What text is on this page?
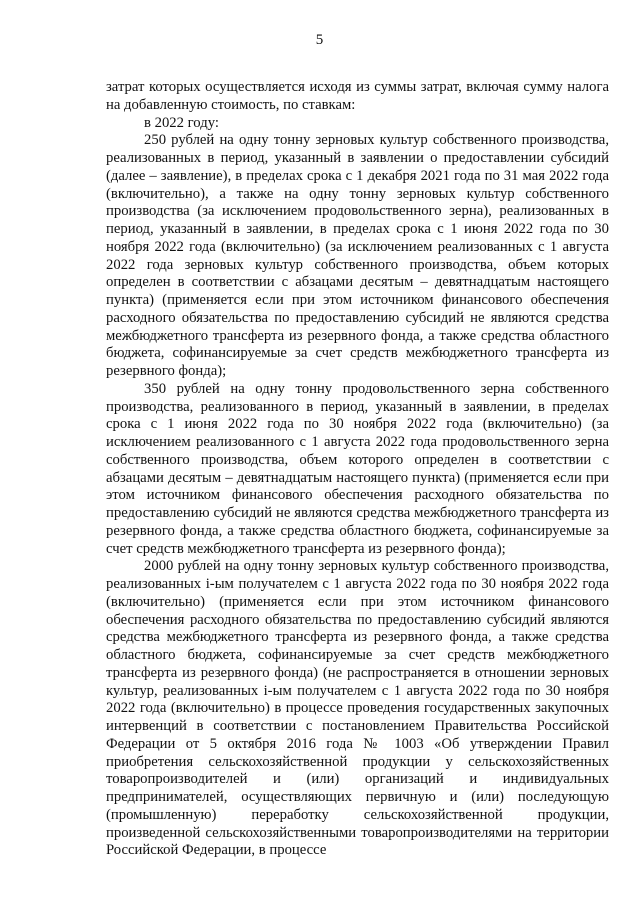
5

затрат которых осуществляется исходя из суммы затрат, включая сумму налога на добавленную стоимость, по ставкам:

в 2022 году:

250 рублей на одну тонну зерновых культур собственного производства, реализованных в период, указанный в заявлении о предоставлении субсидий (далее – заявление), в пределах срока с 1 декабря 2021 года по 31 мая 2022 года (включительно), а также на одну тонну зерновых культур собственного производства (за исключением продовольственного зерна), реализованных в период, указанный в заявлении, в пределах срока с 1 июня 2022 года по 30 ноября 2022 года (включительно) (за исключением реализованных с 1 августа 2022 года зерновых культур собственного производства, объем которых определен в соответствии с абзацами десятым – девятнадцатым настоящего пункта) (применяется если при этом источником финансового обеспечения расходного обязательства по предоставлению субсидий не являются средства межбюджетного трансферта из резервного фонда, а также средства областного бюджета, софинансируемые за счет средств межбюджетного трансферта из резервного фонда);

350 рублей на одну тонну продовольственного зерна собственного производства, реализованного в период, указанный в заявлении, в пределах срока с 1 июня 2022 года по 30 ноября 2022 года (включительно) (за исключением реализованного с 1 августа 2022 года продовольственного зерна собственного производства, объем которого определен в соответствии с абзацами десятым – девятнадцатым настоящего пункта) (применяется если при этом источником финансового обеспечения расходного обязательства по предоставлению субсидий не являются средства межбюджетного трансферта из резервного фонда, а также средства областного бюджета, софинансируемые за счет средств межбюджетного трансферта из резервного фонда);

2000 рублей на одну тонну зерновых культур собственного производства, реализованных i-ым получателем с 1 августа 2022 года по 30 ноября 2022 года (включительно) (применяется если при этом источником финансового обеспечения расходного обязательства по предоставлению субсидий являются средства межбюджетного трансферта из резервного фонда, а также средства областного бюджета, софинансируемые за счет средств межбюджетного трансферта из резервного фонда) (не распространяется в отношении зерновых культур, реализованных i-ым получателем с 1 августа 2022 года по 30 ноября 2022 года (включительно) в процессе проведения государственных закупочных интервенций в соответствии с постановлением Правительства Российской Федерации от 5 октября 2016 года № 1003 «Об утверждении Правил приобретения сельскохозяйственной продукции у сельскохозяйственных товаропроизводителей и (или) организаций и индивидуальных предпринимателей, осуществляющих первичную и (или) последующую (промышленную) переработку сельскохозяйственной продукции, произведенной сельскохозяйственными товаропроизводителями на территории Российской Федерации, в процессе
